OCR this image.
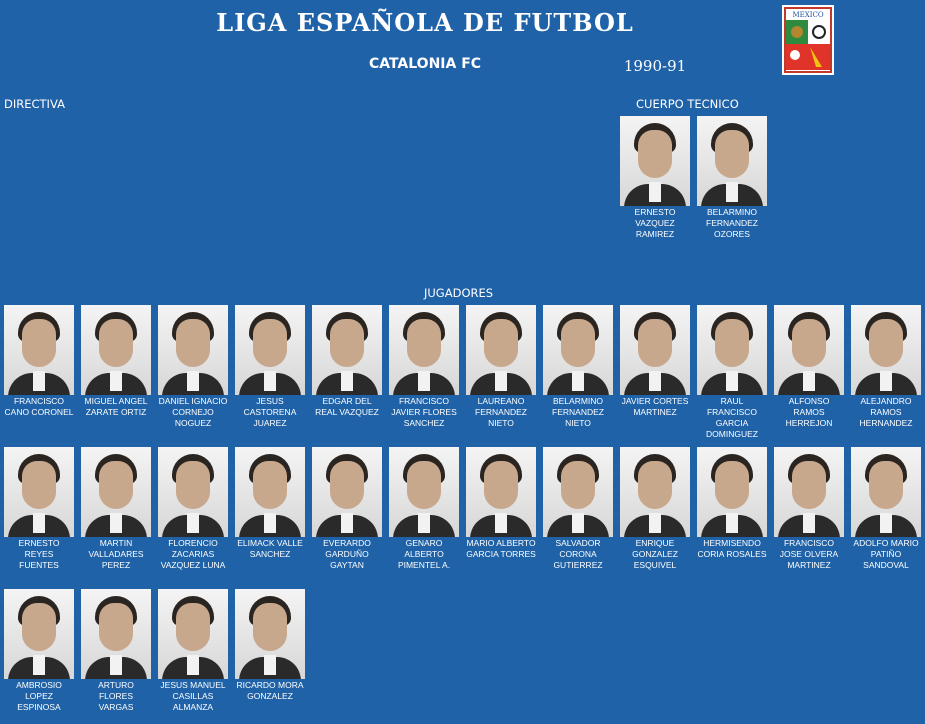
LIGA ESPAÑOLA DE FUTBOL
CATALONIA FC	1990-91
MEXICO
DIRECTIVA	CUERPO TECNICO
JUGADORES
ERNESTO VAZQUEZ RAMIREZ
BELARMINO FERNANDEZ OZORES
FRANCISCO CANO CORONEL
MIGUEL ANGEL ZARATE ORTIZ
DANIEL IGNACIO CORNEJO NOGUEZ
JESUS CASTORENA JUAREZ
EDGAR DEL REAL VAZQUEZ
FRANCISCO JAVIER FLORES SANCHEZ
LAUREANO FERNANDEZ NIETO
BELARMINO FERNANDEZ NIETO
JAVIER CORTES MARTINEZ
RAUL FRANCISCO GARCIA DOMINGUEZ
ALFONSO RAMOS HERREJON
ALEJANDRO RAMOS HERNANDEZ
ERNESTO REYES FUENTES
MARTIN VALLADARES PEREZ
FLORENCIO ZACARIAS VAZQUEZ LUNA
ELIMACK VALLE SANCHEZ
EVERARDO GARDUÑO GAYTAN
GENARO ALBERTO PIMENTEL A.
MARIO ALBERTO GARCIA TORRES
SALVADOR CORONA GUTIERREZ
ENRIQUE GONZALEZ ESQUIVEL
HERMISENDO CORIA ROSALES
FRANCISCO JOSE OLVERA MARTINEZ
ADOLFO MARIO PATIÑO SANDOVAL
AMBROSIO LOPEZ ESPINOSA
ARTURO FLORES VARGAS
JESUS MANUEL CASILLAS ALMANZA
RICARDO MORA GONZALEZ
